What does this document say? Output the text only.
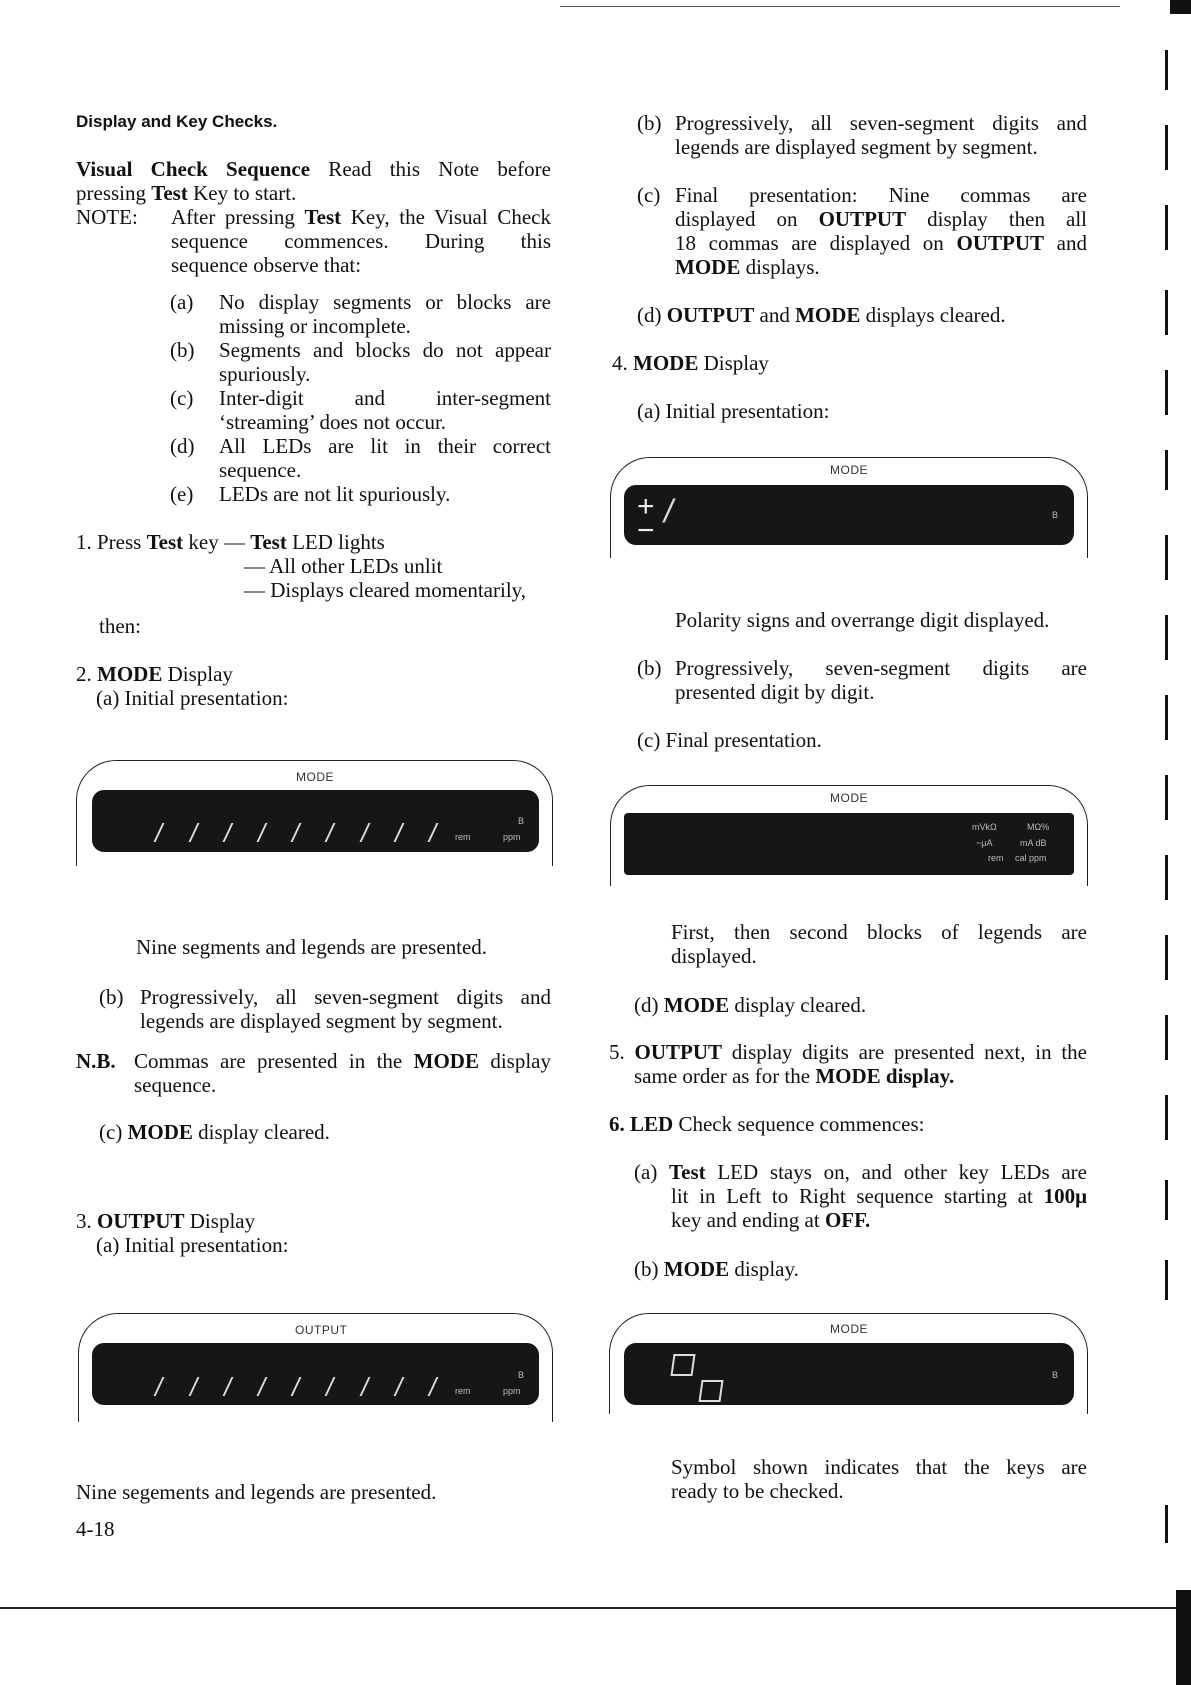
Display and Key Checks.
Visual Check Sequence Read this Note before
pressing Test Key to start.
NOTE: After pressing Test Key, the Visual Check
sequence commences. During this
sequence observe that:
(a) No display segments or blocks are
missing or incomplete.
(b) Segments and blocks do not appear
spuriously.
(c) Inter-digit and inter-segment
‘streaming’ does not occur.
(d) All LEDs are lit in their correct
sequence.
(e) LEDs are not lit spuriously.
1. Press Test key — Test LED lights
— All other LEDs unlit
— Displays cleared momentarily,
then:
2. MODE Display
(a) Initial presentation:
MODE
/ / / / / / / / / rem	ppm
B
Nine segments and legends are presented.
(b) Progressively, all seven-segment digits and
legends are displayed segment by segment.
N.B. Commas are presented in the MODE display
sequence.
(c) MODE display cleared.
3. OUTPUT Display
(a) Initial presentation:
OUTPUT
/ / / / / / / / / rem	ppm
B
Nine segements and legends are presented.
4-18
(b) Progressively, all seven-segment digits and
legends are displayed segment by segment.
(c) Final presentation: Nine commas are
displayed on OUTPUT display then all
18 commas are displayed on OUTPUT and
MODE displays.
(d) OUTPUT and MODE displays cleared.
4. MODE Display
(a) Initial presentation:
MODE
+
−
/	B
Polarity signs and overrange digit displayed.
(b) Progressively, seven-segment digits are
presented digit by digit.
(c) Final presentation.
MODE
mVkΩ	MΩ%
~μA	mA dB
rem cal ppm
First, then second blocks of legends are
displayed.
(d) MODE display cleared.
5. OUTPUT display digits are presented next, in the
same order as for the MODE display.
6. LED Check sequence commences:
(a) Test LED stays on, and other key LEDs are
lit in Left to Right sequence starting at 100μ
key and ending at OFF.
(b) MODE display.
MODE
B
Symbol shown indicates that the keys are
ready to be checked.
